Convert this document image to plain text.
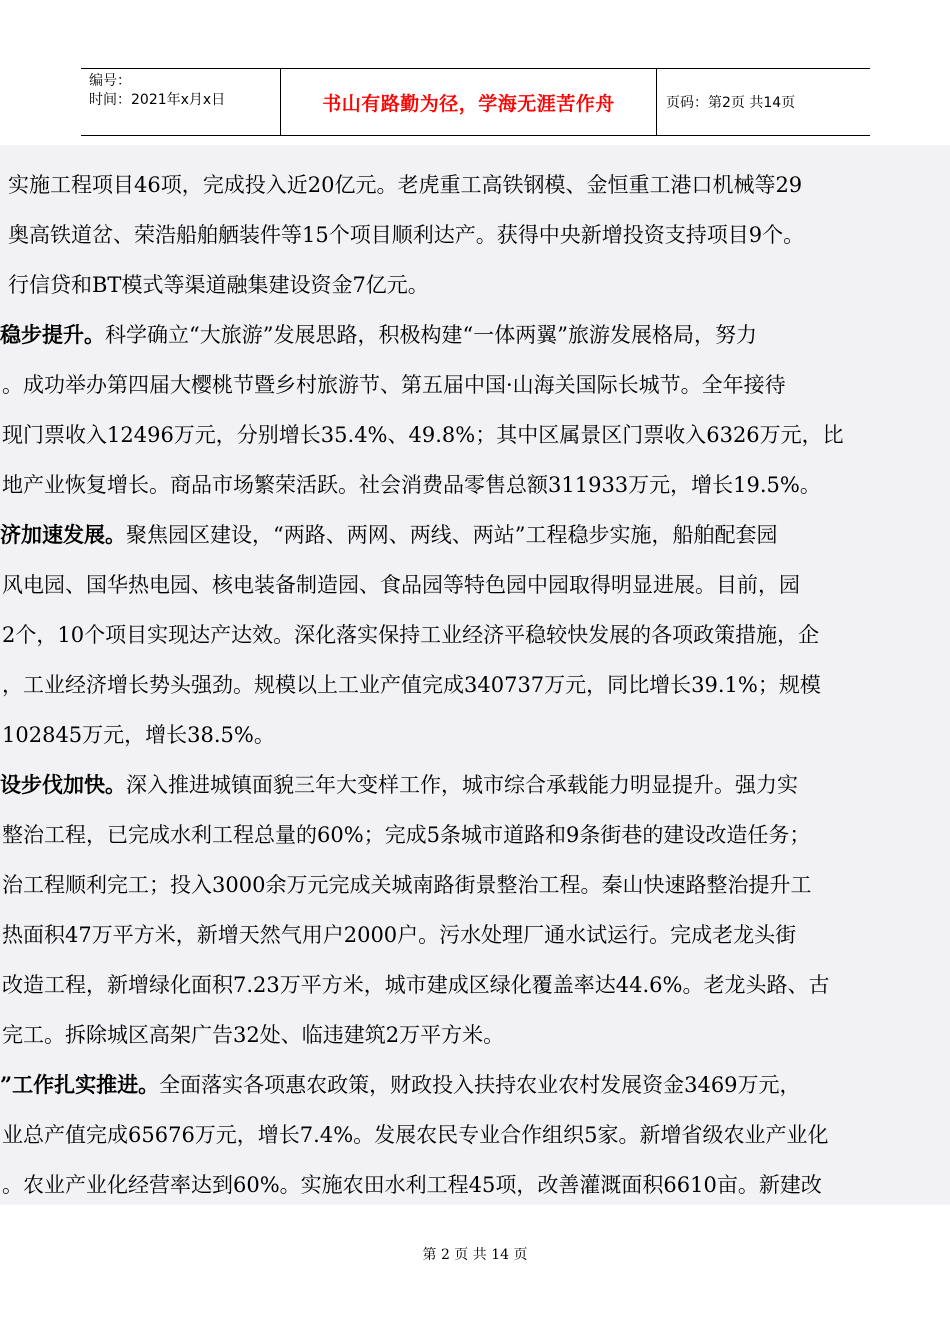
编号：
时间：2021年x月x日	书山有路勤为径，学海无涯苦作舟	页码：第2页 共14页
实施工程项目46项，完成投入近20亿元。老虎重工高铁钢模、金恒重工港口机械等29
奥高铁道岔、荣浩船舶舾装件等15个项目顺利达产。获得中央新增投资支持项目9个。
行信贷和BT模式等渠道融集建设资金7亿元。
稳步提升。科学确立“大旅游”发展思路，积极构建“一体两翼”旅游发展格局，努力
。成功举办第四届大樱桃节暨乡村旅游节、第五届中国·山海关国际长城节。全年接待
现门票收入12496万元，分别增长35.4%、49.8%；其中区属景区门票收入6326万元，比
地产业恢复增长。商品市场繁荣活跃。社会消费品零售总额311933万元，增长19.5%。
济加速发展。聚焦园区建设，“两路、两网、两线、两站”工程稳步实施，船舶配套园
风电园、国华热电园、核电装备制造园、食品园等特色园中园取得明显进展。目前，园
2个，10个项目实现达产达效。深化落实保持工业经济平稳较快发展的各项政策措施，企
，工业经济增长势头强劲。规模以上工业产值完成340737万元，同比增长39.1%；规模
102845万元，增长38.5%。
设步伐加快。深入推进城镇面貌三年大变样工作，城市综合承载能力明显提升。强力实
整治工程，已完成水利工程总量的60%；完成5条城市道路和9条街巷的建设改造任务；
治工程顺利完工；投入3000余万元完成关城南路街景整治工程。秦山快速路整治提升工
热面积47万平方米，新增天然气用户2000户。污水处理厂通水试运行。完成老龙头街
改造工程，新增绿化面积7.23万平方米，城市建成区绿化覆盖率达44.6%。老龙头路、古
完工。拆除城区高架广告32处、临违建筑2万平方米。
”工作扎实推进。全面落实各项惠农政策，财政投入扶持农业农村发展资金3469万元，
业总产值完成65676万元，增长7.4%。发展农民专业合作组织5家。新增省级农业产业化
。农业产业化经营率达到60%。实施农田水利工程45项，改善灌溉面积6610亩。新建改
第 2 页 共 14 页
